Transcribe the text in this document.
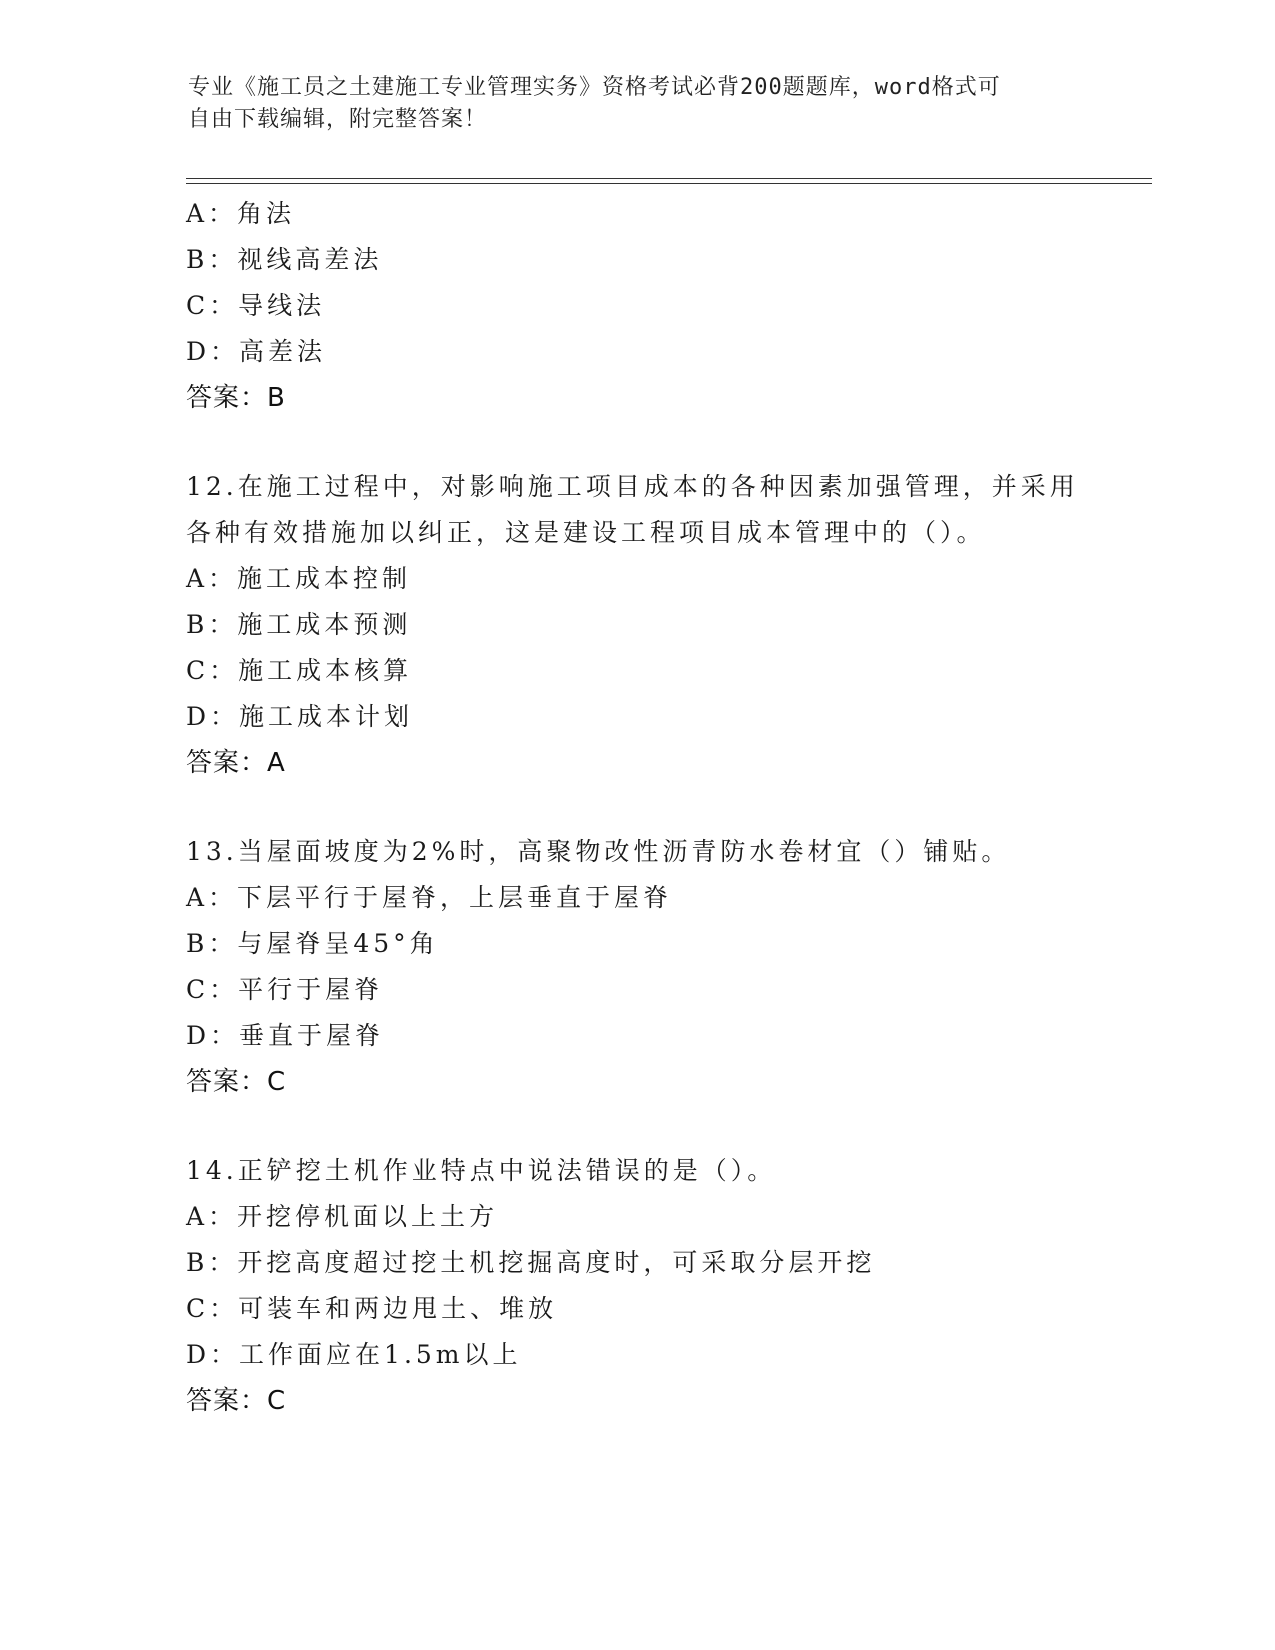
专业《施工员之土建施工专业管理实务》资格考试必背200题题库，word格式可
自由下载编辑，附完整答案！
A：角法
B：视线高差法
C：导线法
D：高差法
答案：B
12.在施工过程中，对影响施工项目成本的各种因素加强管理，并采用
各种有效措施加以纠正，这是建设工程项目成本管理中的（）。
A：施工成本控制
B：施工成本预测
C：施工成本核算
D：施工成本计划
答案：A
13.当屋面坡度为2%时，高聚物改性沥青防水卷材宜（）铺贴。
A：下层平行于屋脊，上层垂直于屋脊
B：与屋脊呈45°角
C：平行于屋脊
D：垂直于屋脊
答案：C
14.正铲挖土机作业特点中说法错误的是（）。
A：开挖停机面以上土方
B：开挖高度超过挖土机挖掘高度时，可采取分层开挖
C：可装车和两边甩土、堆放
D：工作面应在1.5m以上
答案：C
